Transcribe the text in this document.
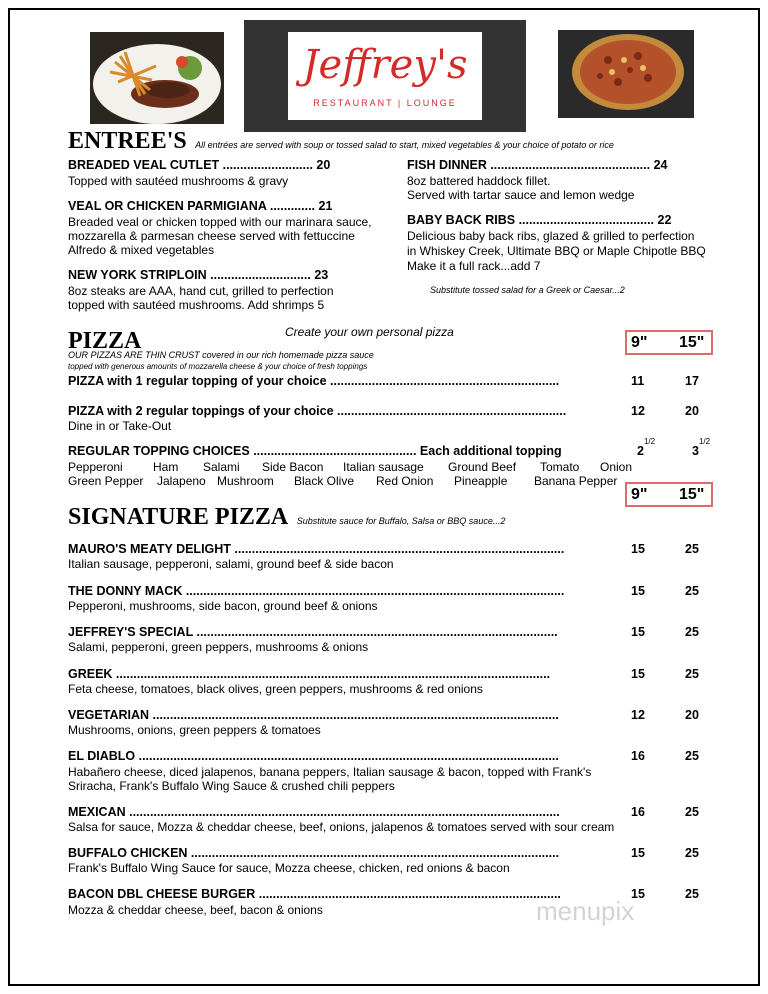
Jeffrey's
RESTAURANT | LOUNGE
ENTREE'S All entrées are served with soup or tossed salad to start, mixed vegetables & your choice of potato or rice
BREADED VEAL CUTLET .......................... 20
Topped with sautéed mushrooms & gravy
VEAL OR CHICKEN PARMIGIANA ............. 21
Breaded veal or chicken topped with our marinara sauce,
mozzarella & parmesan cheese served with fettuccine
Alfredo & mixed vegetables
NEW YORK STRIPLOIN ............................. 23
8oz steaks are AAA, hand cut, grilled to perfection
topped with sautéed mushrooms. Add shrimps 5
FISH DINNER .............................................. 24
8oz battered haddock fillet.
Served with tartar sauce and lemon wedge
BABY BACK RIBS ....................................... 22
Delicious baby back ribs, glazed & grilled to perfection
in Whiskey Creek, Ultimate BBQ or Maple Chipotle BBQ
Make it a full rack...add 7
Substitute tossed salad for a Greek or Caesar...2
PIZZA	Create your own personal pizza
OUR PIZZAS ARE THIN CRUST covered in our rich homemade pizza sauce
topped with generous amounts of mozzarella cheese & your choice of fresh toppings
9" 15"
PIZZA with 1 regular topping of your choice ..................................................................	11	17
PIZZA with 2 regular toppings of your choice ..................................................................	12	20
Dine in or Take-Out
REGULAR TOPPING CHOICES ............................................... Each additional topping	$2^{1/2}$
$3^{1/2}$
Pepperoni	Ham Salami Side Bacon Italian sausage Ground Beef Tomato Onion
Green Pepper Jalapeno Mushroom Black Olive Red Onion Pineapple Banana Pepper
SIGNATURE PIZZA Substitute sauce for Buffalo, Salsa or BBQ sauce...2
9" 15"
MAURO'S MEATY DELIGHT ...............................................................................................	15	25
Italian sausage, pepperoni, salami, ground beef & side bacon
THE DONNY MACK .............................................................................................................	15	25
Pepperoni, mushrooms, side bacon, ground beef & onions
JEFFREY'S SPECIAL ........................................................................................................	15	25
Salami, pepperoni, green peppers, mushrooms & onions
GREEK .............................................................................................................................	15	25
Feta cheese, tomatoes, black olives, green peppers, mushrooms & red onions
VEGETARIAN .....................................................................................................................	12	20
Mushrooms, onions, green peppers & tomatoes
EL DIABLO .........................................................................................................................	16	25
Habañero cheese, diced jalapenos, banana peppers, Italian sausage & bacon, topped with Frank's
Sriracha, Frank's Buffalo Wing Sauce & crushed chili peppers
MEXICAN ............................................................................................................................	16	25
Salsa for sauce, Mozza & cheddar cheese, beef, onions, jalapenos & tomatoes served with sour cream
BUFFALO CHICKEN ..........................................................................................................	15	25
Frank's Buffalo Wing Sauce for sauce, Mozza cheese, chicken, red onions & bacon
BACON DBL CHEESE BURGER .......................................................................................	15	25
Mozza & cheddar cheese, beef, bacon & onions	menupix
